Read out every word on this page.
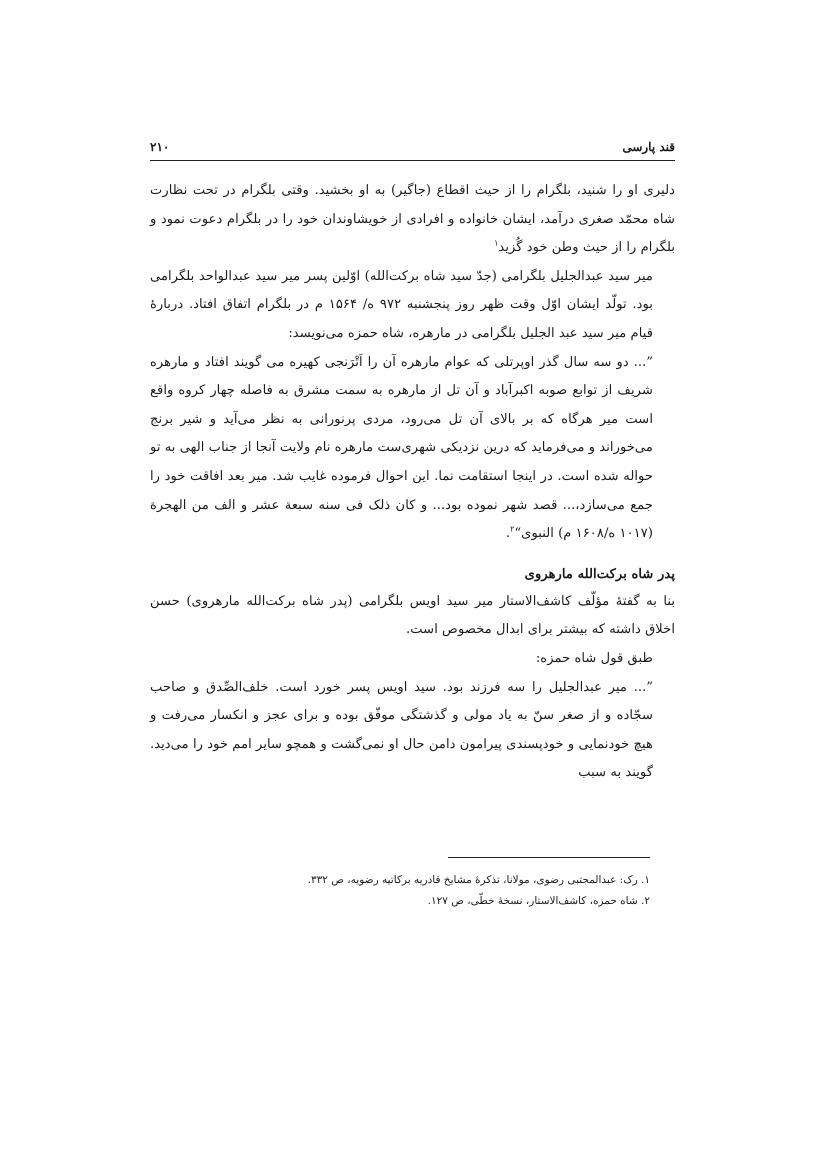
قند پارسی
۲۱۰

دلیری او را شنید، بلگرام را از حیث اقطاع (جاگیر) به او بخشید. وقتی بلگرام در تحت نظارت شاه محمّد صغری درآمد، ایشان خانواده و افرادی از خویشاوندان خود را در بلگرام دعوت نمود و بلگرام را از حیث وطن خود گُزید$^۱$

میر سید عبدالجلیل بلگرامی (جدّ سید شاه برکت‌الله) اوّلین پسر میر سید عبدالواحد بلگرامی بود. تولّد ایشان اوّل وقت ظهر روز پنجشنبه ۹۷۲ ه/ ۱۵۶۴ م در بلگرام اتفاق افتاد. دربارهٔ قیام میر سید عبد الجلیل بلگرامی در مارهره، شاه حمزه می‌نویسد:

”... دو سه سال گذر اوپرتلی که عوام مارهره آن را اَتْرَنجی کهیره می گویند افتاد و مارهره شریف از توابع صوبه اکبرآباد و آن تل از مارهره به سمت مشرق به فاصله چهار کروه واقع است میر هرگاه که بر بالای آن تل می‌رود، مردی پرنورانی به نظر می‌آید و شیر برنج می‌خوراند و می‌فرماید که درین نزدیکی شهری‌ست مارهره نام ولایت آنجا از جناب الهی به تو حواله شده است. در اینجا استقامت نما. این احوال فرموده غایب شد. میر بعد افاقت خود را جمع می‌سازد،... قصد شهر نموده بود... و کان ذلک فی سنه سبعة عشر و الف من الهجرة (۱۰۱۷ ه/۱۶۰۸ م) النبوی“$^۲$.

پدر شاه برکت‌الله مارهروی

بنا به گفتهٔ مؤلّف کاشف‌الاستار میر سید اویس بلگرامی (پدر شاه برکت‌الله مارهروی) حسن اخلاق داشته که بیشتر برای ابدال مخصوص است.

طبق قول شاه حمزه:

”... میر عبدالجلیل را سه فرزند بود. سید اویس پسر خورد است. خلف‌الصِّدق و صاحب سجّاده و از صغر سنّ به یاد مولی و گذشتگی موفّق بوده و برای عجز و انکسار می‌رفت و هیچ خودنمایی و خودپسندی پیرامون دامن حال او نمی‌گشت و همچو سایر امم خود را می‌دید. گویند به سبب

۱. رک: عبدالمجتبی رضوی، مولانا، تذکرهٔ مشایخ قادریه برکاتیه رضویه، ص ۳۳۲.
۲. شاه حمزه، کاشف‌الاستار، نسخهٔ خطّی، ص ۱۲۷.
